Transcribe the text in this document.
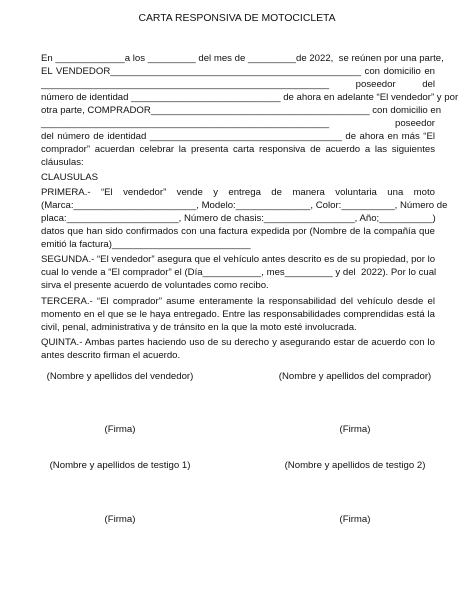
CARTA RESPONSIVA DE MOTOCICLETA
En _____________a los _________ del mes de _________de 2022,  se reúnen por una parte,
EL VENDEDOR_______________________________________________ con domicilio en
______________________________________________________ poseedor del
número de identidad ____________________________ de ahora en adelante “El vendedor” y por
otra parte, COMPRADOR_________________________________________ con domicilio en
______________________________________________________ poseedor
del número de identidad ____________________________________ de ahora en más “El
comprador” acuerdan celebrar la presenta carta responsiva de acuerdo a las siguientes
cláusulas:
CLAUSULAS
PRIMERA.- “El vendedor” vende y entrega de manera voluntaria una moto
(Marca:_______________________, Modelo:______________, Color:__________, Número de
placa:_____________________, Número de chasis:_________________, Año;__________)
datos que han sido confirmados con una factura expedida por (Nombre de la compañía que
emitió la factura)__________________________
SEGUNDA.- “El vendedor” asegura que el vehículo antes descrito es de su propiedad, por lo
cual lo vende a “El comprador” el (Día___________, mes_________ y del  2022). Por lo cual
sirva el presente acuerdo de voluntades como recibo.
TERCERA.- “El comprador” asume enteramente la responsabilidad del vehículo desde el
momento en el que se le haya entregado. Entre las responsabilidades comprendidas está la
civil, penal, administrativa y de tránsito en la que la moto esté involucrada.
QUINTA.- Ambas partes haciendo uso de su derecho y asegurando estar de acuerdo con lo
antes descrito firman el acuerdo.
(Nombre y apellidos del vendedor)	(Nombre y apellidos del comprador)
(Firma)	(Firma)
(Nombre y apellidos de testigo 1)	(Nombre y apellidos de testigo 2)
(Firma)	(Firma)
